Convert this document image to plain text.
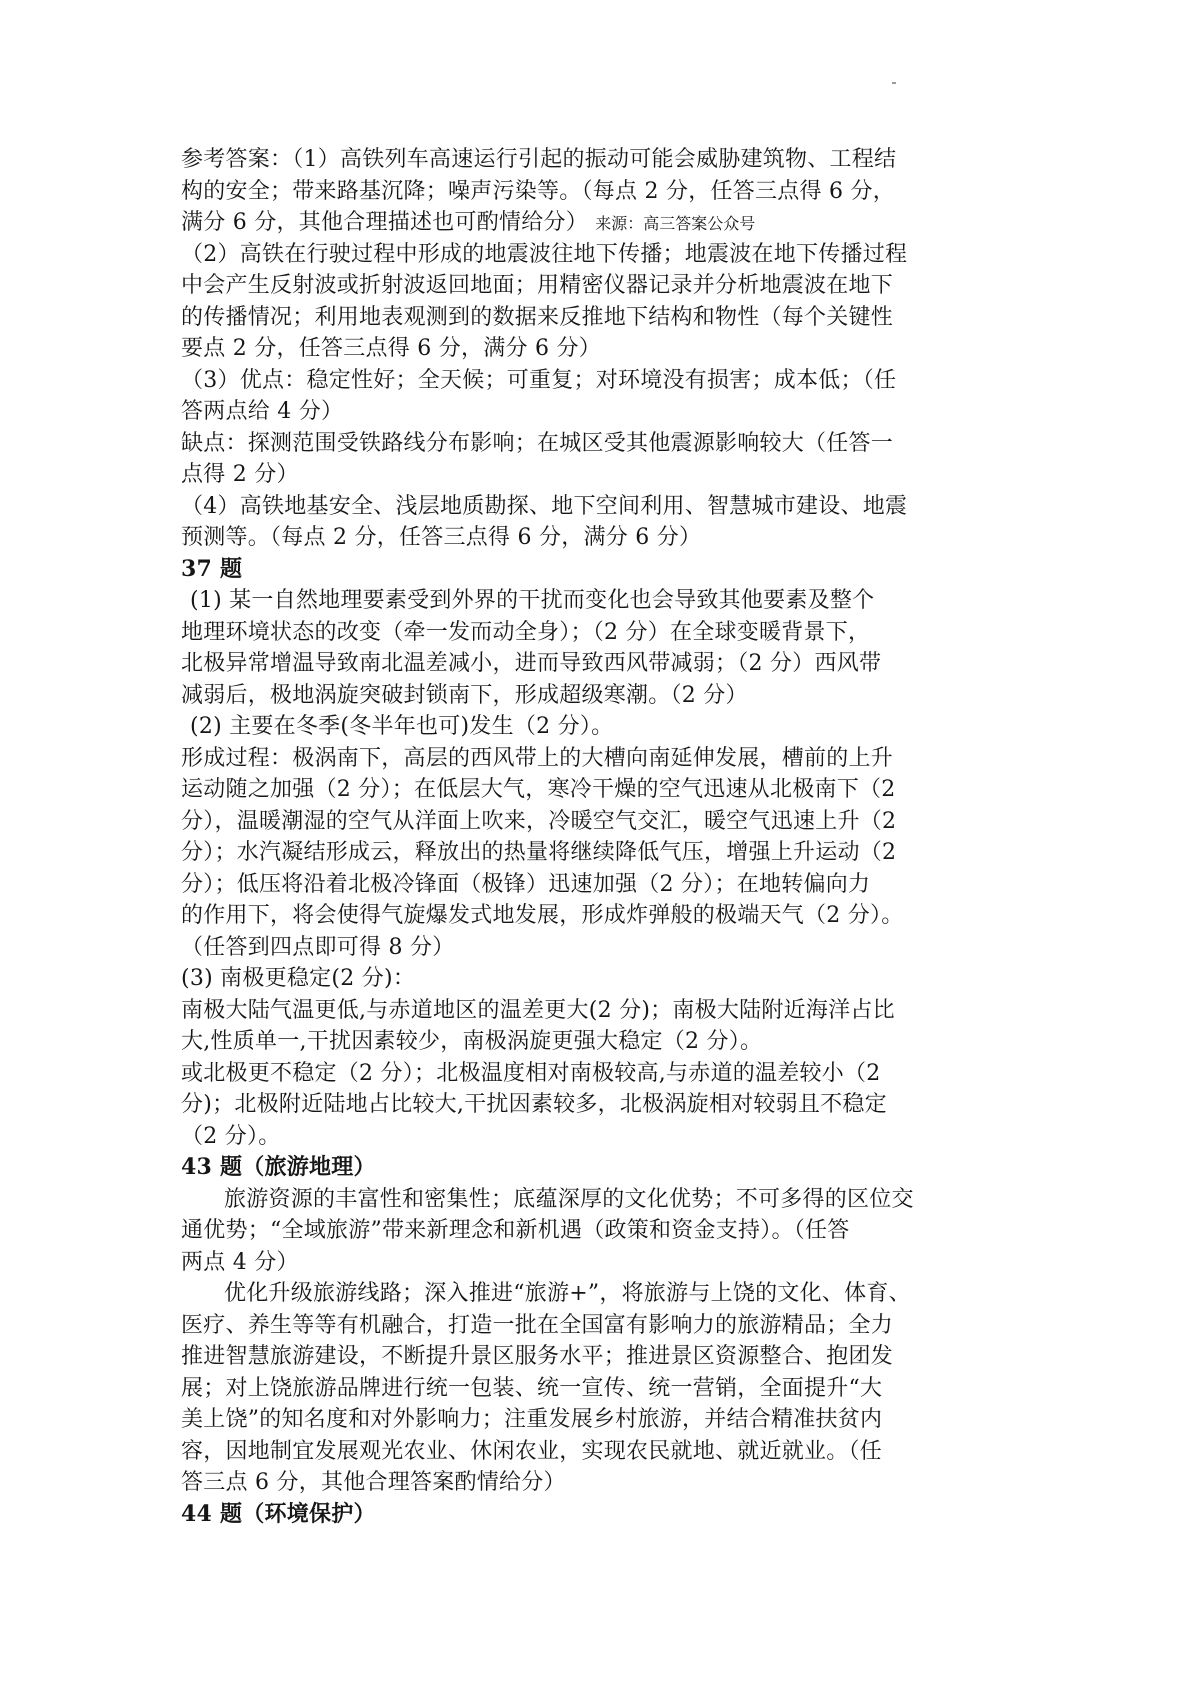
参考答案：（1）高铁列车高速运行引起的振动可能会威胁建筑物、工程结
构的安全；带来路基沉降；噪声污染等。（每点 2 分，任答三点得 6 分，
满分 6 分，其他合理描述也可酌情给分） 来源：高三答案公众号
（2）高铁在行驶过程中形成的地震波往地下传播；地震波在地下传播过程
中会产生反射波或折射波返回地面；用精密仪器记录并分析地震波在地下
的传播情况；利用地表观测到的数据来反推地下结构和物性（每个关键性
要点 2 分，任答三点得 6 分，满分 6 分）
（3）优点：稳定性好；全天候；可重复；对环境没有损害；成本低；（任
答两点给 4 分）
缺点：探测范围受铁路线分布影响；在城区受其他震源影响较大（任答一
点得 2 分）
（4）高铁地基安全、浅层地质勘探、地下空间利用、智慧城市建设、地震
预测等。（每点 2 分，任答三点得 6 分，满分 6 分）
37 题
(1) 某一自然地理要素受到外界的干扰而变化也会导致其他要素及整个
地理环境状态的改变（牵一发而动全身）；（2 分）在全球变暖背景下，
北极异常增温导致南北温差减小，进而导致西风带减弱；（2 分）西风带
减弱后，极地涡旋突破封锁南下，形成超级寒潮。（2 分）
(2) 主要在冬季(冬半年也可)发生（2 分）。
形成过程：极涡南下，高层的西风带上的大槽向南延伸发展，槽前的上升
运动随之加强（2 分）；在低层大气，寒冷干燥的空气迅速从北极南下（2
分），温暖潮湿的空气从洋面上吹来，冷暖空气交汇，暖空气迅速上升（2
分）；水汽凝结形成云，释放出的热量将继续降低气压，增强上升运动（2
分）；低压将沿着北极冷锋面（极锋）迅速加强（2 分）；在地转偏向力
的作用下，将会使得气旋爆发式地发展，形成炸弹般的极端天气（2 分）。
（任答到四点即可得 8 分）
(3) 南极更稳定(2 分)：
南极大陆气温更低,与赤道地区的温差更大(2 分)；南极大陆附近海洋占比
大,性质单一,干扰因素较少，南极涡旋更强大稳定（2 分）。
或北极更不稳定（2 分）；北极温度相对南极较高,与赤道的温差较小（2
分)；北极附近陆地占比较大,干扰因素较多，北极涡旋相对较弱且不稳定
（2 分）。
43 题（旅游地理）
旅游资源的丰富性和密集性；底蕴深厚的文化优势；不可多得的区位交
通优势；“全域旅游”带来新理念和新机遇（政策和资金支持）。（任答
两点 4 分）
优化升级旅游线路；深入推进“旅游+”，将旅游与上饶的文化、体育、
医疗、养生等等有机融合，打造一批在全国富有影响力的旅游精品；全力
推进智慧旅游建设，不断提升景区服务水平；推进景区资源整合、抱团发
展；对上饶旅游品牌进行统一包装、统一宣传、统一营销，全面提升“大
美上饶”的知名度和对外影响力；注重发展乡村旅游，并结合精准扶贫内
容，因地制宜发展观光农业、休闲农业，实现农民就地、就近就业。（任
答三点 6 分，其他合理答案酌情给分）
44 题（环境保护）
